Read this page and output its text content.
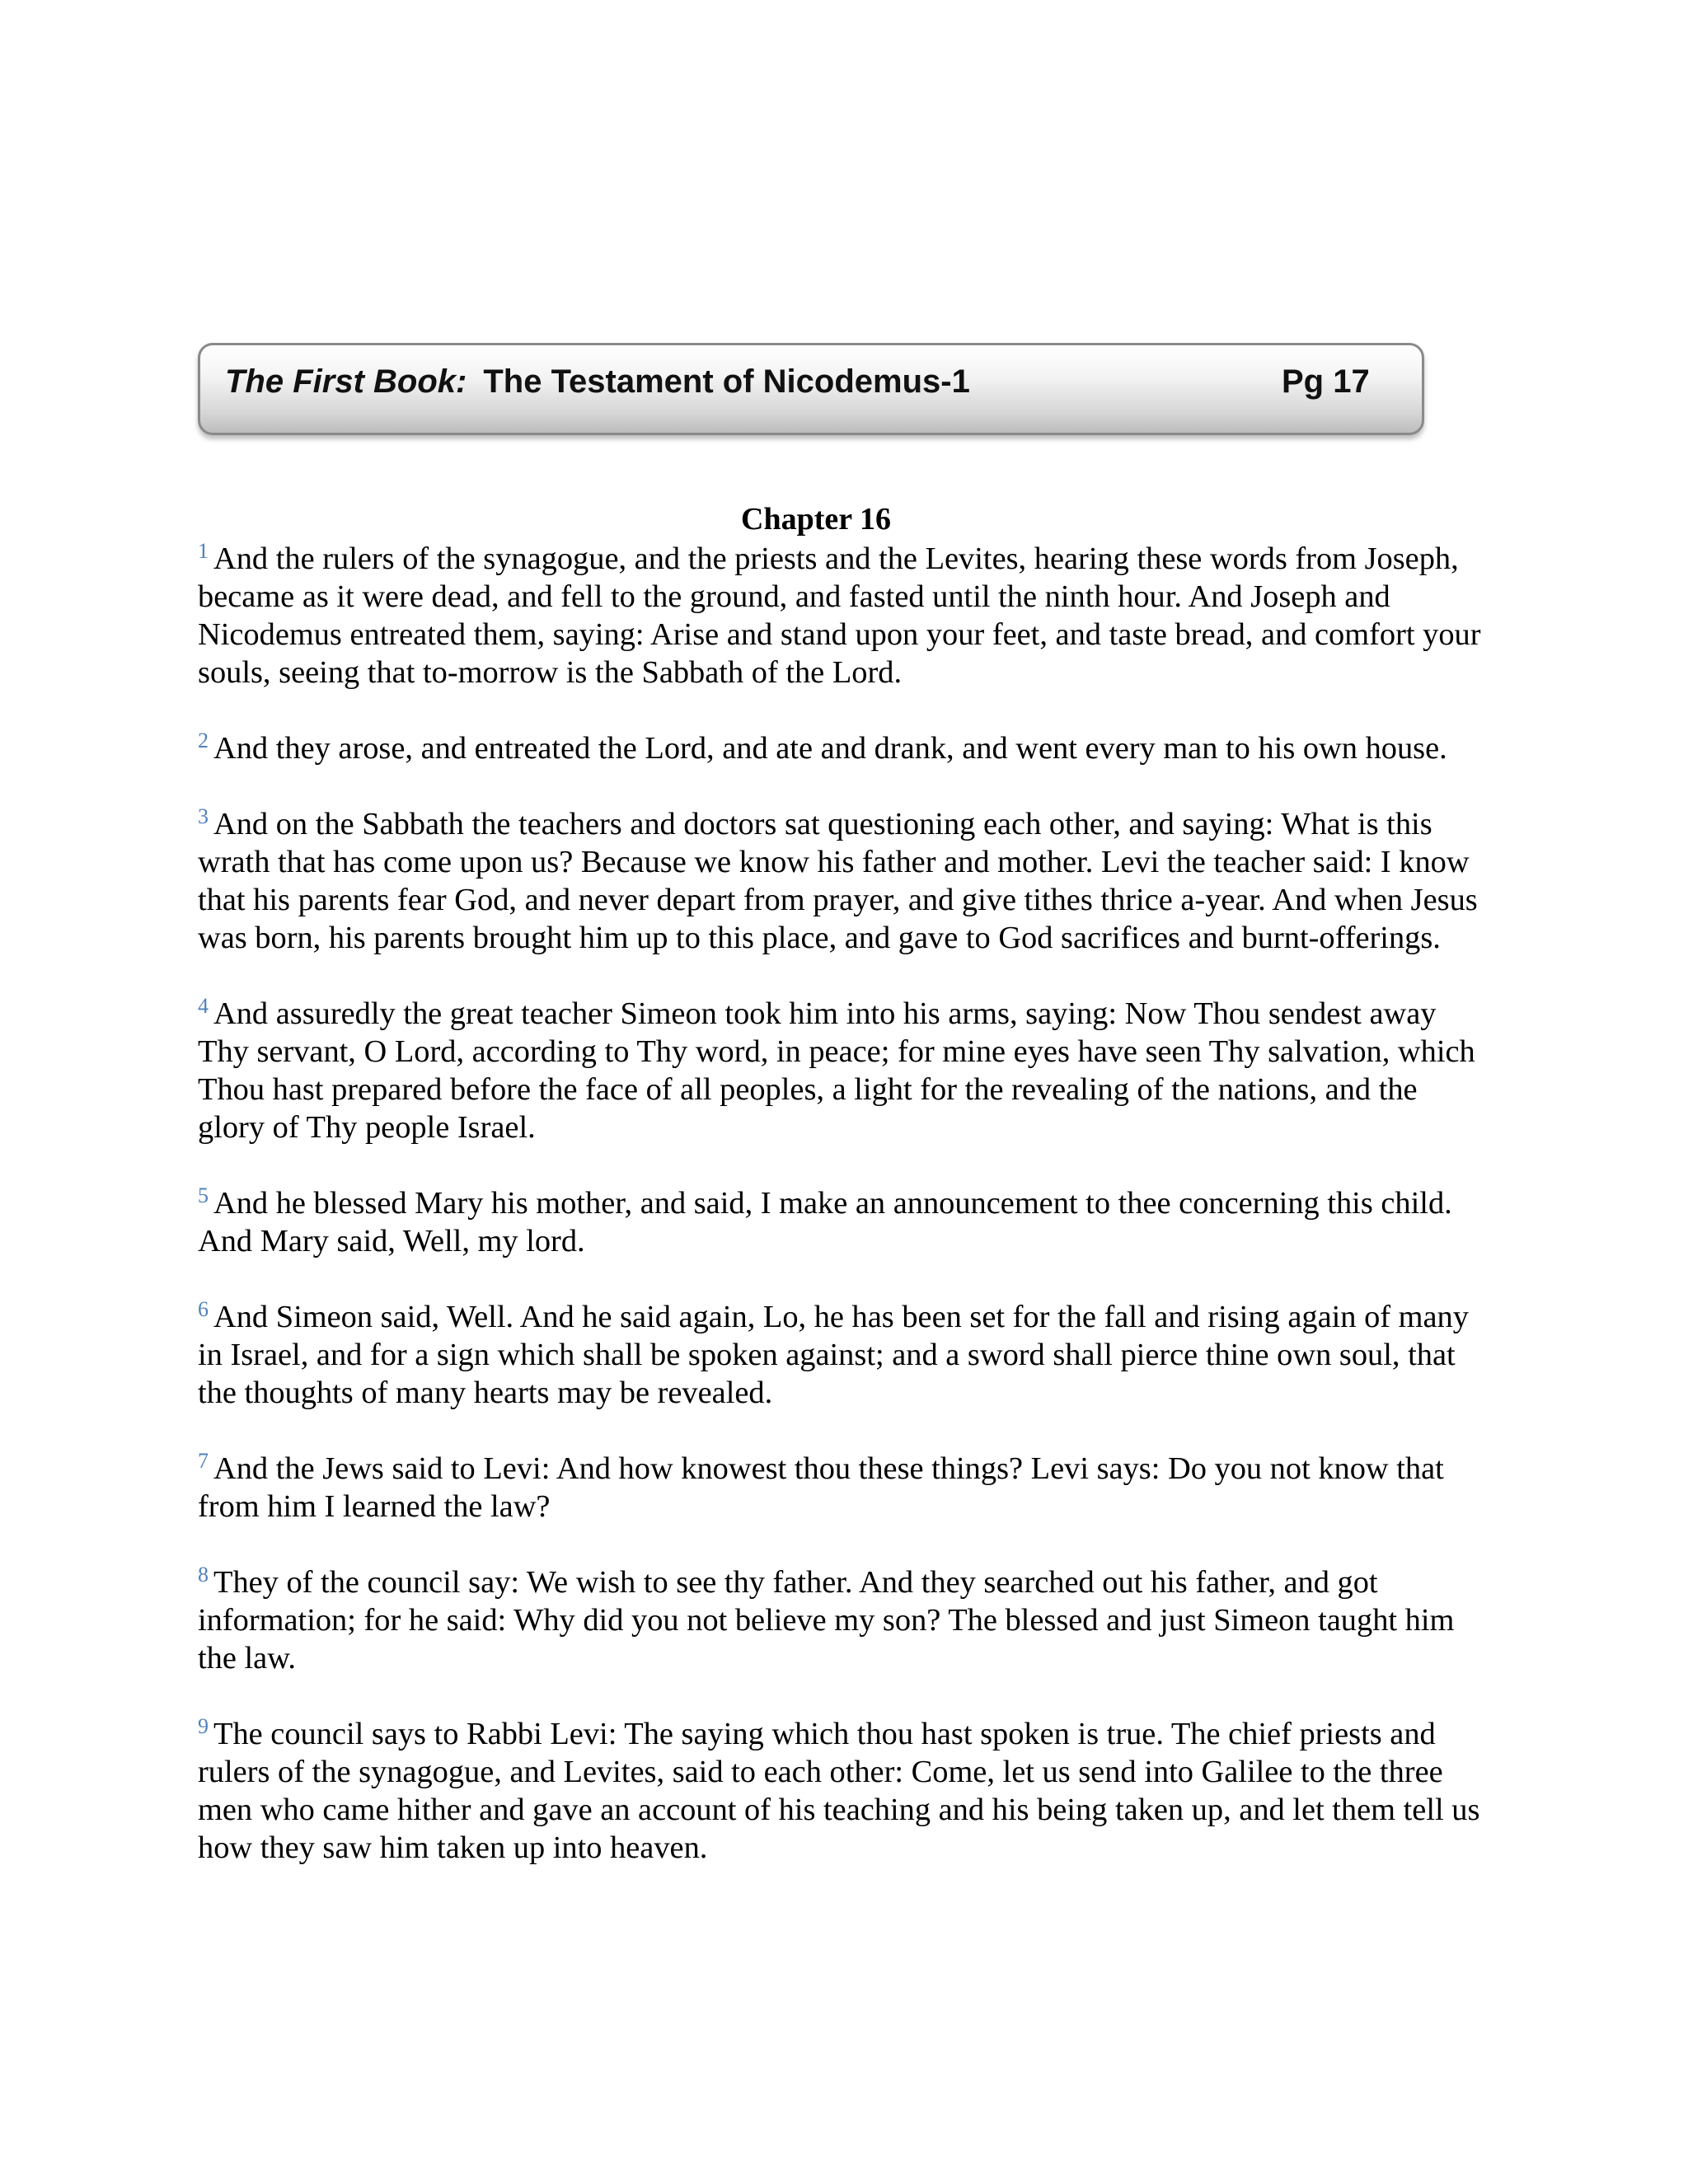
The First Book: The Testament of Nicodemus-1	Pg 17
Chapter 16

$^1$ And the rulers of the synagogue, and the priests and the Levites, hearing these words from Joseph, became as it were dead, and fell to the ground, and fasted until the ninth hour. And Joseph and Nicodemus entreated them, saying: Arise and stand upon your feet, and taste bread, and comfort your souls, seeing that to-morrow is the Sabbath of the Lord.

$^2$ And they arose, and entreated the Lord, and ate and drank, and went every man to his own house.

$^3$ And on the Sabbath the teachers and doctors sat questioning each other, and saying: What is this wrath that has come upon us? Because we know his father and mother. Levi the teacher said: I know that his parents fear God, and never depart from prayer, and give tithes thrice a-year. And when Jesus was born, his parents brought him up to this place, and gave to God sacrifices and burnt-offerings.

$^4$ And assuredly the great teacher Simeon took him into his arms, saying: Now Thou sendest away Thy servant, O Lord, according to Thy word, in peace; for mine eyes have seen Thy salvation, which Thou hast prepared before the face of all peoples, a light for the revealing of the nations, and the glory of Thy people Israel.

$^5$ And he blessed Mary his mother, and said, I make an announcement to thee concerning this child. And Mary said, Well, my lord.

$^6$ And Simeon said, Well. And he said again, Lo, he has been set for the fall and rising again of many in Israel, and for a sign which shall be spoken against; and a sword shall pierce thine own soul, that the thoughts of many hearts may be revealed.

$^7$ And the Jews said to Levi: And how knowest thou these things? Levi says: Do you not know that from him I learned the law?

$^8$ They of the council say: We wish to see thy father. And they searched out his father, and got information; for he said: Why did you not believe my son? The blessed and just Simeon taught him the law.

$^9$ The council says to Rabbi Levi: The saying which thou hast spoken is true. The chief priests and rulers of the synagogue, and Levites, said to each other: Come, let us send into Galilee to the three men who came hither and gave an account of his teaching and his being taken up, and let them tell us how they saw him taken up into heaven.
